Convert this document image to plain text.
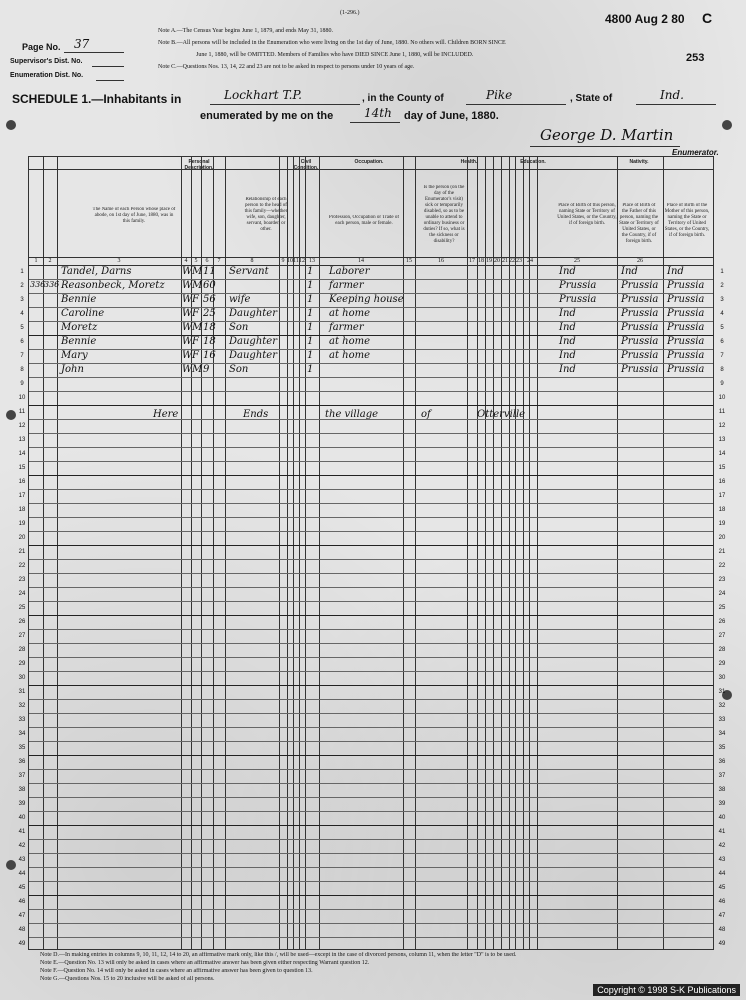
(1-296.)	4800 Aug 2 80 C
253
Page No. 37
Supervisor's Dist. No.
Enumeration Dist. No.
Note A.—The Census Year begins June 1, 1879, and ends May 31, 1880.
Note B.—All persons will be included in the Enumeration who were living on the 1st day of June, 1880. No others will. Children BORN SINCE
June 1, 1880, will be OMITTED. Members of Families who have DIED SINCE June 1, 1880, will be INCLUDED.
Note C.—Questions Nos. 13, 14, 22 and 23 are not to be asked in respect to persons under 10 years of age.
SCHEDULE 1.—Inhabitants in	Lockhart T.P.	, in the County of	Pike	, State of	Ind.
enumerated by me on the	14th day of June, 1880.
George D. Martin
Enumerator.
Personal Description.
Civil Condition.
Occupation.	Health.	Education.	Nativity.
The Name of each Person whose place of abode, on 1st day of June, 1880, was in this family.
Relationship of each person to the head of this family—whether wife, son, daughter, servant, boarder, or other.
Profession, Occupation or Trade of each person, male or female.
Is the person (on the day of the Enumerator's visit) sick or temporarily disabled, so as to be unable to attend to ordinary business or duties? If so, what is the sickness or disability?
Place of Birth of this person, naming State or Territory of United States, or the Country, if of foreign birth.
Place of Birth of the Father of this person, naming the State or Territory of United States, or the Country, if of foreign birth.
Place of Birth of the Mother of this person, naming the State or Territory of United States, or the Country, if of foreign birth.
1	2	3	4	5	6	7	8	9 10 11 12 13	14	15	16	17 18 19 20 21 22 23 24	25	26
Tandel, Darns	W M 11 Servant	1 Laborer	Ind	Ind	Ind
336
336 Reasonbeck, Moretz W M 60	1 farmer	Prussia Prussia Prussia
Bennie	W F 56 wife	1 Keeping house	Prussia Prussia Prussia
Caroline	W F 25 Daughter	1 at home	Ind	Prussia Prussia
Moretz	W M 18 Son	1 farmer	Ind	Prussia Prussia
Bennie	W F 18 Daughter	1 at home	Ind	Prussia Prussia
Mary	W F 16 Daughter	1 at home	Ind	Prussia Prussia
John	W M 9 Son	1	Ind	Prussia Prussia
Here	Ends	the village	of	Otterville
1	1
2	2
3	3
4	4
5	5
6	6
7	7
8	8
9	9
10	10
11	11
12	12
13	13
14	14
15	15
16	16
17	17
18	18
19	19
20	20
21	21
22	22
23	23
24	24
25	25
26	26
27	27
28	28
29	29
30	30
31	31
32	32
33	33
34	34
35	35
36	36
37	37
38	38
39	39
40	40
41	41
42	42
43	43
44	44
45	45
46	46
47	47
48	48
49	49
Note D.—In making entries in columns 9, 10, 11, 12, 14 to 20, an affirmative mark only, like this /, will be used—except in the case of divorced persons, column 11, when the letter "D" is to be used.
Note E.—Question No. 13 will only be asked in cases where an affirmative answer has been given either respecting Warrant question 12.
Note F.—Question No. 14 will only be asked in cases where an affirmative answer has been given to question 13.
Note G.—Questions Nos. 15 to 20 inclusive will be asked of all persons.
Copyright © 1998 S-K Publications
